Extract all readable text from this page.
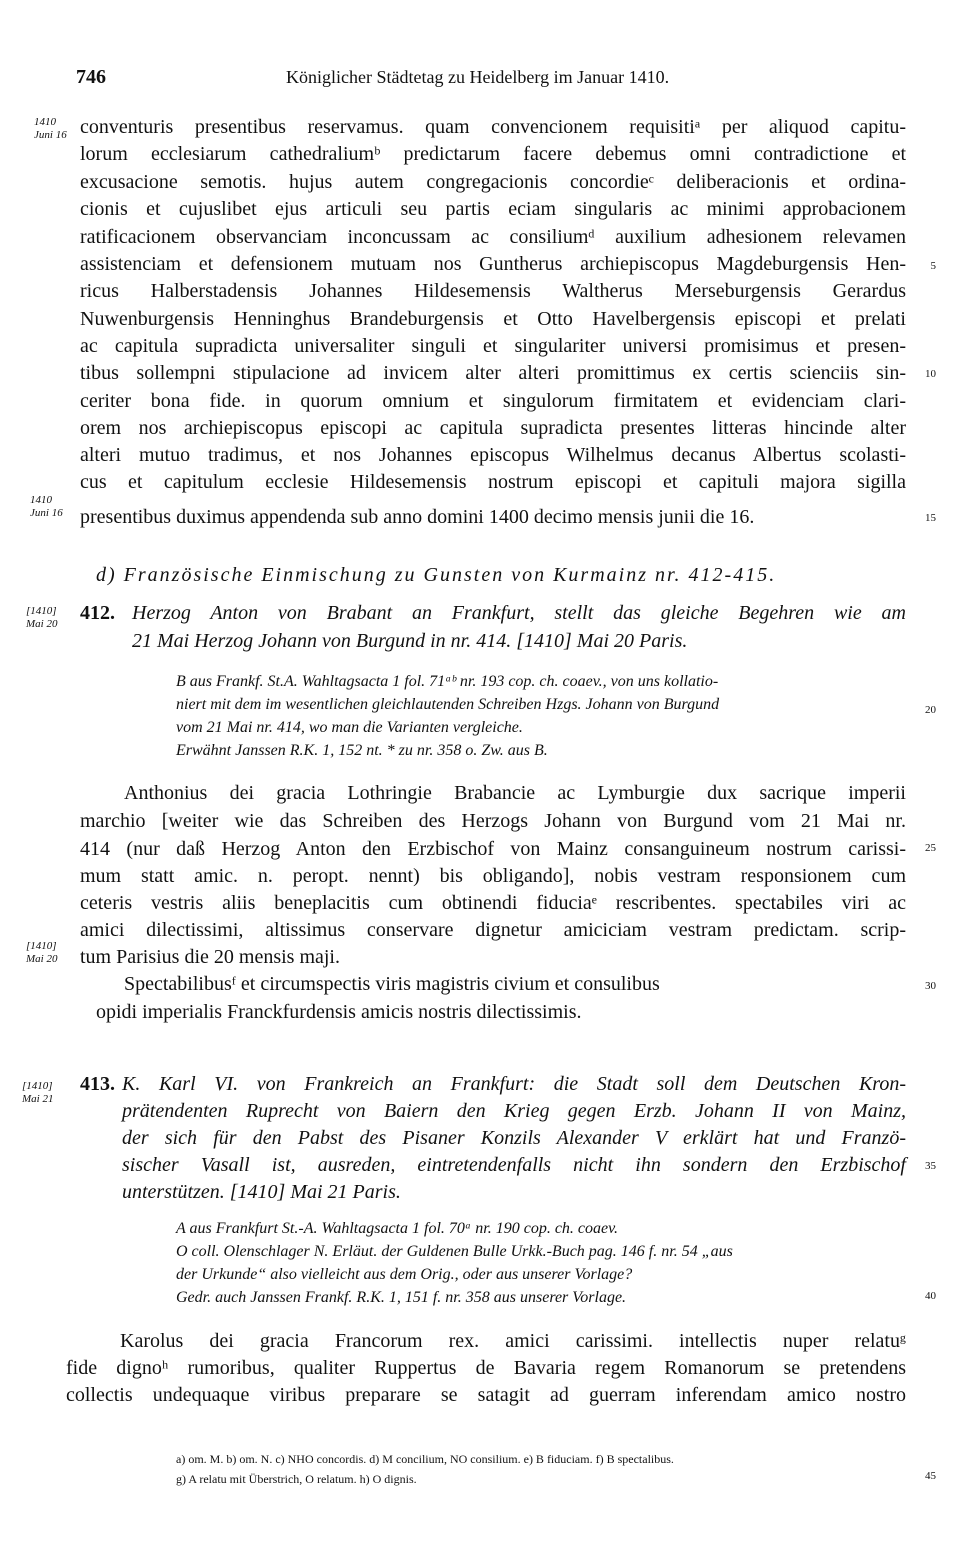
746	Königlicher Städtetag zu Heidelberg im Januar 1410.
1410
Juni 16
1410
Juni 16
[1410]
Mai 20
[1410]
Mai 20
[1410]
Mai 21
5
10
15
20
25
30
35
40
45
conventuris presentibus reservamus. quam convencionem requisitiᵃ per aliquod capitu-
lorum ecclesiarum cathedraliumᵇ predictarum facere debemus omni contradictione et
excusacione semotis. hujus autem congregacionis concordieᶜ deliberacionis et ordina-
cionis et cujuslibet ejus articuli seu partis eciam singularis ac minimi approbacionem
ratificacionem observanciam inconcussam ac consiliumᵈ auxilium adhesionem relevamen
assistenciam et defensionem mutuam nos Guntherus archiepiscopus Magdeburgensis Hen-
ricus Halberstadensis Johannes Hildesemensis Waltherus Merseburgensis Gerardus
Nuwenburgensis Henninghus Brandeburgensis et Otto Havelbergensis episcopi et prelati
ac capitula supradicta universaliter singuli et singulariter universi promisimus et presen-
tibus sollempni stipulacione ad invicem alter alteri promittimus ex certis scienciis sin-
ceriter bona fide. in quorum omnium et singulorum firmitatem et evidenciam clari-
orem nos archiepiscopus episcopi ac capitula supradicta presentes litteras hincinde alter
alteri mutuo tradimus, et nos Johannes episcopus Wilhelmus decanus Albertus scolasti-
cus et capitulum ecclesie Hildesemensis nostrum episcopi et capituli majora sigilla
presentibus duximus appendenda sub anno domini 1400 decimo mensis junii die 16.
d) Französische Einmischung zu Gunsten von Kurmainz nr. 412-415.
412. Herzog Anton von Brabant an Frankfurt, stellt das gleiche Begehren wie am
21 Mai Herzog Johann von Burgund in nr. 414. [1410] Mai 20 Paris.
B aus Frankf. St.A. Wahltagsacta 1 fol. 71ᵃᵇ nr. 193 cop. ch. coaev., von uns kollatio-
niert mit dem im wesentlichen gleichlautenden Schreiben Hzgs. Johann von Burgund
vom 21 Mai nr. 414, wo man die Varianten vergleiche.
Erwähnt Janssen R.K. 1, 152 nt. * zu nr. 358 o. Zw. aus B.
Anthonius dei gracia Lothringie Brabancie ac Lymburgie dux sacrique imperii
marchio [weiter wie das Schreiben des Herzogs Johann von Burgund vom 21 Mai nr.
414 (nur daß Herzog Anton den Erzbischof von Mainz consanguineum nostrum carissi-
mum statt amic. n. peropt. nennt) bis obligando], nobis vestram responsionem cum
ceteris vestris aliis beneplacitis cum obtinendi fiduciaᵉ rescribentes. spectabiles viri ac
amici dilectissimi, altissimus conservare dignetur amiciciam vestram predictam. scrip-
tum Parisius die 20 mensis maji.
Spectabilibusᶠ et circumspectis viris magistris civium et consulibus
opidi imperialis Franckfurdensis amicis nostris dilectissimis.
413. K. Karl VI. von Frankreich an Frankfurt: die Stadt soll dem Deutschen Kron-
prätendenten Ruprecht von Baiern den Krieg gegen Erzb. Johann II von Mainz,
der sich für den Pabst des Pisaner Konzils Alexander V erklärt hat und Franzö-
sischer Vasall ist, ausreden, eintretendenfalls nicht ihn sondern den Erzbischof
unterstützen. [1410] Mai 21 Paris.
A aus Frankfurt St.-A. Wahltagsacta 1 fol. 70ᵃ nr. 190 cop. ch. coaev.
O coll. Olenschlager N. Erläut. der Guldenen Bulle Urkk.-Buch pag. 146 f. nr. 54 „aus
der Urkunde“ also vielleicht aus dem Orig., oder aus unserer Vorlage?
Gedr. auch Janssen Frankf. R.K. 1, 151 f. nr. 358 aus unserer Vorlage.
Karolus dei gracia Francorum rex. amici carissimi. intellectis nuper relatuᵍ
fide dignoʰ rumoribus, qualiter Ruppertus de Bavaria regem Romanorum se pretendens
collectis undequaque viribus preparare se satagit ad guerram inferendam amico nostro
a) om. M. b) om. N. c) NHO concordis. d) M concilium, NO consilium. e) B fiduciam. f) B spectalibus.
g) A relatu mit Überstrich, O relatum. h) O dignis.
